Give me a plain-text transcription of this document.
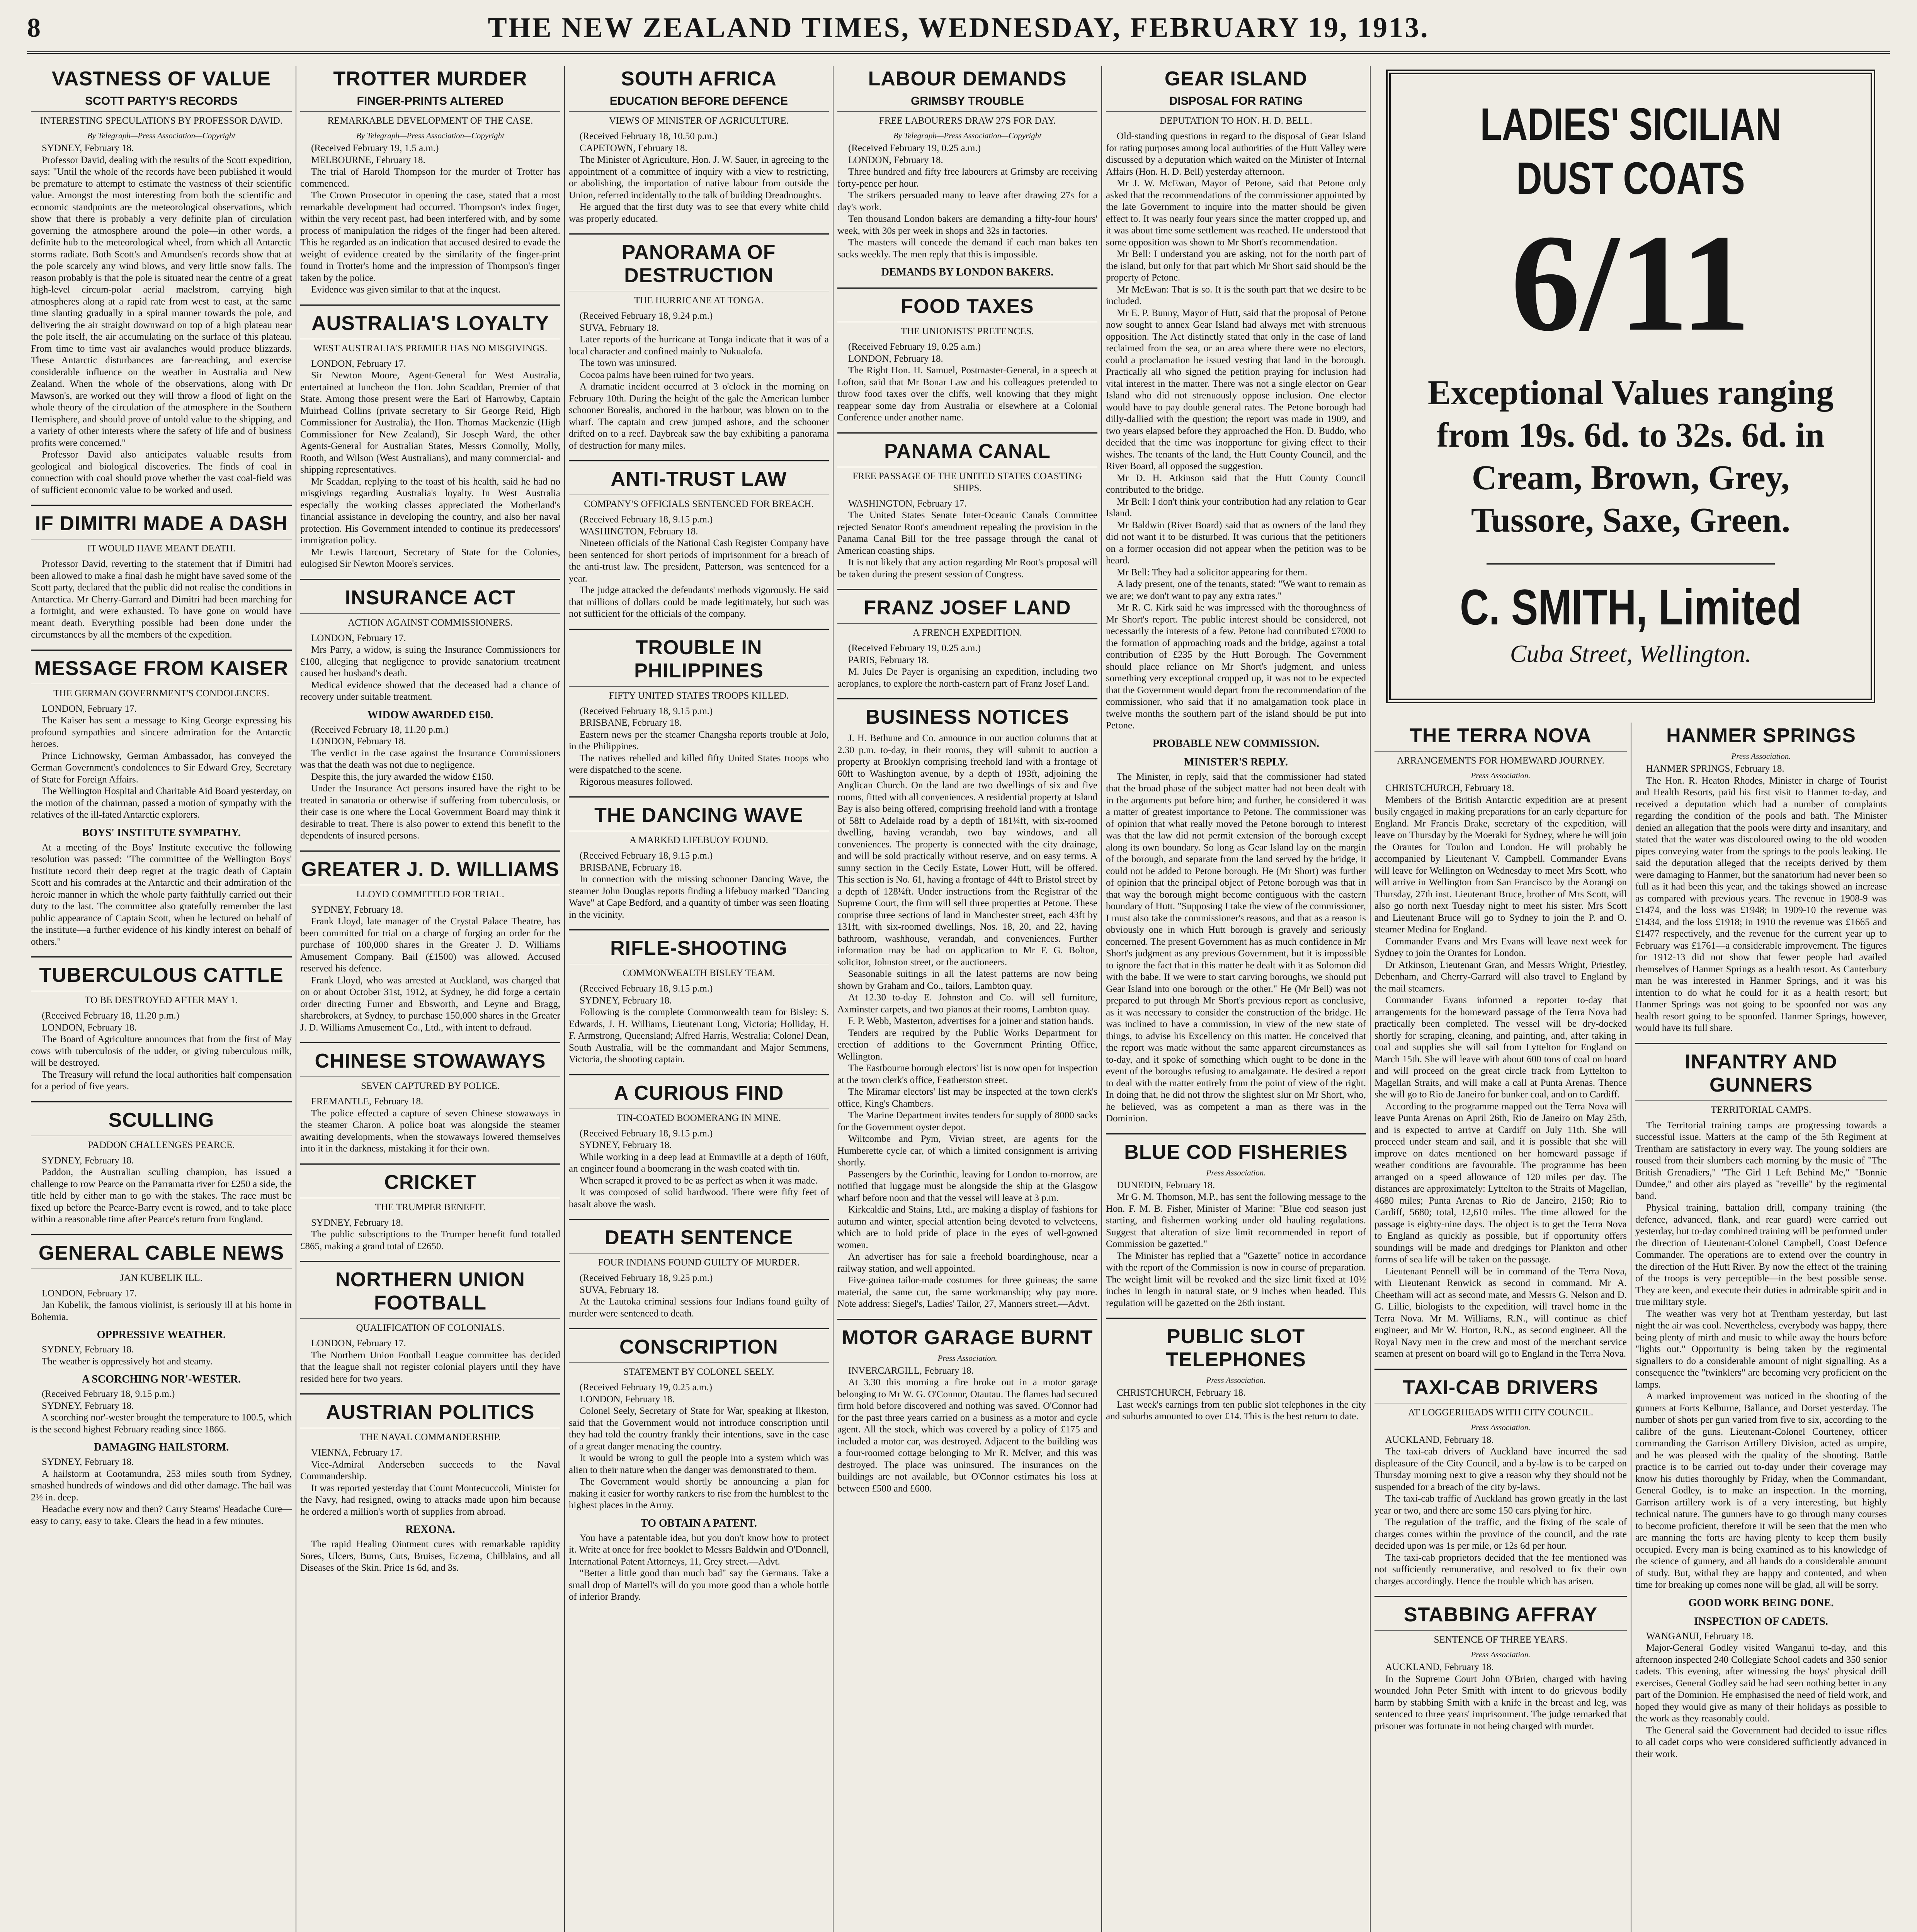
8	THE NEW ZEALAND TIMES, WEDNESDAY, FEBRUARY 19, 1913.
VASTNESS OF VALUE
SCOTT PARTY'S RECORDS
INTERESTING SPECULATIONS BY PROFESSOR DAVID.
By Telegraph—Press Association—Copyright

SYDNEY, February 18.

Professor David, dealing with the results of the Scott expedition, says: "Until the whole of the records have been published it would be premature to attempt to estimate the vastness of their scientific value. Amongst the most interesting from both the scientific and economic standpoints are the meteorological observations, which show that there is probably a very definite plan of circulation governing the atmosphere around the pole—in other words, a definite hub to the meteorological wheel, from which all Antarctic storms radiate. Both Scott's and Amundsen's records show that at the pole scarcely any wind blows, and very little snow falls. The reason probably is that the pole is situated near the centre of a great high-level circum-polar aerial maelstrom, carrying high atmospheres along at a rapid rate from west to east, at the same time slanting gradually in a spiral manner towards the pole, and delivering the air straight downward on top of a high plateau near the pole itself, the air accumulating on the surface of this plateau. From time to time vast air avalanches would produce blizzards. These Antarctic disturbances are far-reaching, and exercise considerable influence on the weather in Australia and New Zealand. When the whole of the observations, along with Dr Mawson's, are worked out they will throw a flood of light on the whole theory of the circulation of the atmosphere in the Southern Hemisphere, and should prove of untold value to the shipping, and a variety of other interests where the safety of life and of business profits were concerned."

Professor David also anticipates valuable results from geological and biological discoveries. The finds of coal in connection with coal should prove whether the vast coal-field was of sufficient economic value to be worked and used.

IF DIMITRI MADE A DASH
IT WOULD HAVE MEANT DEATH.

Professor David, reverting to the statement that if Dimitri had been allowed to make a final dash he might have saved some of the Scott party, declared that the public did not realise the conditions in Antarctica. Mr Cherry-Garrard and Dimitri had been marching for a fortnight, and were exhausted. To have gone on would have meant death. Everything possible had been done under the circumstances by all the members of the expedition.

MESSAGE FROM KAISER
THE GERMAN GOVERNMENT'S CONDOLENCES.

LONDON, February 17.

The Kaiser has sent a message to King George expressing his profound sympathies and sincere admiration for the Antarctic heroes.

Prince Lichnowsky, German Ambassador, has conveyed the German Government's condolences to Sir Edward Grey, Secretary of State for Foreign Affairs.

The Wellington Hospital and Charitable Aid Board yesterday, on the motion of the chairman, passed a motion of sympathy with the relatives of the ill-fated Antarctic explorers.

BOYS' INSTITUTE SYMPATHY.

At a meeting of the Boys' Institute executive the following resolution was passed: "The committee of the Wellington Boys' Institute record their deep regret at the tragic death of Captain Scott and his comrades at the Antarctic and their admiration of the heroic manner in which the whole party faithfully carried out their duty to the last. The committee also gratefully remember the last public appearance of Captain Scott, when he lectured on behalf of the institute—a further evidence of his kindly interest on behalf of others."

TUBERCULOUS CATTLE
TO BE DESTROYED AFTER MAY 1.

(Received February 18, 11.20 p.m.)

LONDON, February 18.

The Board of Agriculture announces that from the first of May cows with tuberculosis of the udder, or giving tuberculous milk, will be destroyed.

The Treasury will refund the local authorities half compensation for a period of five years.

SCULLING
PADDON CHALLENGES PEARCE.

SYDNEY, February 18.

Paddon, the Australian sculling champion, has issued a challenge to row Pearce on the Parramatta river for £250 a side, the title held by either man to go with the stakes. The race must be fixed up before the Pearce-Barry event is rowed, and to take place within a reasonable time after Pearce's return from England.

GENERAL CABLE NEWS
JAN KUBELIK ILL.

LONDON, February 17.

Jan Kubelik, the famous violinist, is seriously ill at his home in Bohemia.

OPPRESSIVE WEATHER.

SYDNEY, February 18.

The weather is oppressively hot and steamy.

A SCORCHING NOR'-WESTER.

(Received February 18, 9.15 p.m.)

SYDNEY, February 18.

A scorching nor'-wester brought the temperature to 100.5, which is the second highest February reading since 1866.

DAMAGING HAILSTORM.

SYDNEY, February 18.

A hailstorm at Cootamundra, 253 miles south from Sydney, smashed hundreds of windows and did other damage. The hail was 2½ in. deep.

Headache every now and then? Carry Stearns' Headache Cure—easy to carry, easy to take. Clears the head in a few minutes.

TROTTER MURDER
FINGER-PRINTS ALTERED
REMARKABLE DEVELOPMENT OF THE CASE.
By Telegraph—Press Association—Copyright

(Received February 19, 1.5 a.m.)

MELBOURNE, February 18.

The trial of Harold Thompson for the murder of Trotter has commenced.

The Crown Prosecutor in opening the case, stated that a most remarkable development had occurred. Thompson's index finger, within the very recent past, had been interfered with, and by some process of manipulation the ridges of the finger had been altered. This he regarded as an indication that accused desired to evade the weight of evidence created by the similarity of the finger-print found in Trotter's home and the impression of Thompson's finger taken by the police.

Evidence was given similar to that at the inquest.

AUSTRALIA'S LOYALTY
WEST AUSTRALIA'S PREMIER HAS NO MISGIVINGS.

LONDON, February 17.

Sir Newton Moore, Agent-General for West Australia, entertained at luncheon the Hon. John Scaddan, Premier of that State. Among those present were the Earl of Harrowby, Captain Muirhead Collins (private secretary to Sir George Reid, High Commissioner for Australia), the Hon. Thomas Mackenzie (High Commissioner for New Zealand), Sir Joseph Ward, the other Agents-General for Australian States, Messrs Connolly, Molly, Rooth, and Wilson (West Australians), and many commercial- and shipping representatives.

Mr Scaddan, replying to the toast of his health, said he had no misgivings regarding Australia's loyalty. In West Australia especially the working classes appreciated the Motherland's financial assistance in developing the country, and also her naval protection. His Government intended to continue its predecessors' immigration policy.

Mr Lewis Harcourt, Secretary of State for the Colonies, eulogised Sir Newton Moore's services.

INSURANCE ACT
ACTION AGAINST COMMISSIONERS.

LONDON, February 17.

Mrs Parry, a widow, is suing the Insurance Commissioners for £100, alleging that negligence to provide sanatorium treatment caused her husband's death.

Medical evidence showed that the deceased had a chance of recovery under suitable treatment.

WIDOW AWARDED £150.

(Received February 18, 11.20 p.m.)

LONDON, February 18.

The verdict in the case against the Insurance Commissioners was that the death was not due to negligence.

Despite this, the jury awarded the widow £150.

Under the Insurance Act persons insured have the right to be treated in sanatoria or otherwise if suffering from tuberculosis, or their case is one where the Local Government Board may think it desirable to treat. There is also power to extend this benefit to the dependents of insured persons.

GREATER J. D. WILLIAMS
LLOYD COMMITTED FOR TRIAL.

SYDNEY, February 18.

Frank Lloyd, late manager of the Crystal Palace Theatre, has been committed for trial on a charge of forging an order for the purchase of 100,000 shares in the Greater J. D. Williams Amusement Company. Bail (£1500) was allowed. Accused reserved his defence.

Frank Lloyd, who was arrested at Auckland, was charged that on or about October 31st, 1912, at Sydney, he did forge a certain order directing Furner and Ebsworth, and Leyne and Bragg, sharebrokers, at Sydney, to purchase 150,000 shares in the Greater J. D. Williams Amusement Co., Ltd., with intent to defraud.

CHINESE STOWAWAYS
SEVEN CAPTURED BY POLICE.

FREMANTLE, February 18.

The police effected a capture of seven Chinese stowaways in the steamer Charon. A police boat was alongside the steamer awaiting developments, when the stowaways lowered themselves into it in the darkness, mistaking it for their own.

CRICKET
THE TRUMPER BENEFIT.

SYDNEY, February 18.

The public subscriptions to the Trumper benefit fund totalled £865, making a grand total of £2650.

NORTHERN UNION FOOTBALL
QUALIFICATION OF COLONIALS.

LONDON, February 17.

The Northern Union Football League committee has decided that the league shall not register colonial players until they have resided here for two years.

AUSTRIAN POLITICS
THE NAVAL COMMANDERSHIP.

VIENNA, February 17.

Vice-Admiral Anderseben succeeds to the Naval Commandership.

It was reported yesterday that Count Montecuccoli, Minister for the Navy, had resigned, owing to attacks made upon him because he ordered a million's worth of supplies from abroad.

REXONA.

The rapid Healing Ointment cures with remarkable rapidity Sores, Ulcers, Burns, Cuts, Bruises, Eczema, Chilblains, and all Diseases of the Skin. Price 1s 6d, and 3s.

SOUTH AFRICA
EDUCATION BEFORE DEFENCE
VIEWS OF MINISTER OF AGRICULTURE.

(Received February 18, 10.50 p.m.)

CAPETOWN, February 18.

The Minister of Agriculture, Hon. J. W. Sauer, in agreeing to the appointment of a committee of inquiry with a view to restricting, or abolishing, the importation of native labour from outside the Union, referred incidentally to the talk of building Dreadnoughts.

He argued that the first duty was to see that every white child was properly educated.

PANORAMA OF DESTRUCTION
THE HURRICANE AT TONGA.

(Received February 18, 9.24 p.m.)

SUVA, February 18.

Later reports of the hurricane at Tonga indicate that it was of a local character and confined mainly to Nukualofa.

The town was uninsured.

Cocoa palms have been ruined for two years.

A dramatic incident occurred at 3 o'clock in the morning on February 10th. During the height of the gale the American lumber schooner Borealis, anchored in the harbour, was blown on to the wharf. The captain and crew jumped ashore, and the schooner drifted on to a reef. Daybreak saw the bay exhibiting a panorama of destruction for many miles.

ANTI-TRUST LAW
COMPANY'S OFFICIALS SENTENCED FOR BREACH.

(Received February 18, 9.15 p.m.)

WASHINGTON, February 18.

Nineteen officials of the National Cash Register Company have been sentenced for short periods of imprisonment for a breach of the anti-trust law. The president, Patterson, was sentenced for a year.

The judge attacked the defendants' methods vigorously. He said that millions of dollars could be made legitimately, but such was not sufficient for the officials of the company.

TROUBLE IN PHILIPPINES
FIFTY UNITED STATES TROOPS KILLED.

(Received February 18, 9.15 p.m.)

BRISBANE, February 18.

Eastern news per the steamer Changsha reports trouble at Jolo, in the Philippines.

The natives rebelled and killed fifty United States troops who were dispatched to the scene.

Rigorous measures followed.

THE DANCING WAVE
A MARKED LIFEBUOY FOUND.

(Received February 18, 9.15 p.m.)

BRISBANE, February 18.

In connection with the missing schooner Dancing Wave, the steamer John Douglas reports finding a lifebuoy marked "Dancing Wave" at Cape Bedford, and a quantity of timber was seen floating in the vicinity.

RIFLE-SHOOTING
COMMONWEALTH BISLEY TEAM.

(Received February 18, 9.15 p.m.)

SYDNEY, February 18.

Following is the complete Commonwealth team for Bisley: S. Edwards, J. H. Williams, Lieutenant Long, Victoria; Holliday, H. F. Armstrong, Queensland; Alfred Harris, Westralia; Colonel Dean, South Australia, will be the commandant and Major Semmens, Victoria, the shooting captain.

A CURIOUS FIND
TIN-COATED BOOMERANG IN MINE.

(Received February 18, 9.15 p.m.)

SYDNEY, February 18.

While working in a deep lead at Emmaville at a depth of 160ft, an engineer found a boomerang in the wash coated with tin.

When scraped it proved to be as perfect as when it was made.

It was composed of solid hardwood. There were fifty feet of basalt above the wash.

DEATH SENTENCE
FOUR INDIANS FOUND GUILTY OF MURDER.

(Received February 18, 9.25 p.m.)

SUVA, February 18.

At the Lautoka criminal sessions four Indians found guilty of murder were sentenced to death.

CONSCRIPTION
STATEMENT BY COLONEL SEELY.

(Received February 19, 0.25 a.m.)

LONDON, February 18.

Colonel Seely, Secretary of State for War, speaking at Ilkeston, said that the Government would not introduce conscription until they had told the country frankly their intentions, save in the case of a great danger menacing the country.

It would be wrong to gull the people into a system which was alien to their nature when the danger was demonstrated to them.

The Government would shortly be announcing a plan for making it easier for worthy rankers to rise from the humblest to the highest places in the Army.

TO OBTAIN A PATENT.

You have a patentable idea, but you don't know how to protect it. Write at once for free booklet to Messrs Baldwin and O'Donnell, International Patent Attorneys, 11, Grey street.—Advt.

"Better a little good than much bad" say the Germans. Take a small drop of Martell's will do you more good than a whole bottle of inferior Brandy.

LABOUR DEMANDS
GRIMSBY TROUBLE
FREE LABOURERS DRAW 27S FOR DAY.
By Telegraph—Press Association—Copyright

(Received February 19, 0.25 a.m.)

LONDON, February 18.

Three hundred and fifty free labourers at Grimsby are receiving forty-pence per hour.

The strikers persuaded many to leave after drawing 27s for a day's work.

Ten thousand London bakers are demanding a fifty-four hours' week, with 30s per week in shops and 32s in factories.

The masters will concede the demand if each man bakes ten sacks weekly. The men reply that this is impossible.

DEMANDS BY LONDON BAKERS.
FOOD TAXES
THE UNIONISTS' PRETENCES.

(Received February 19, 0.25 a.m.)

LONDON, February 18.

The Right Hon. H. Samuel, Postmaster-General, in a speech at Lofton, said that Mr Bonar Law and his colleagues pretended to throw food taxes over the cliffs, well knowing that they might reappear some day from Australia or elsewhere at a Colonial Conference under another name.

PANAMA CANAL
FREE PASSAGE OF THE UNITED STATES COASTING SHIPS.

WASHINGTON, February 17.

The United States Senate Inter-Oceanic Canals Committee rejected Senator Root's amendment repealing the provision in the Panama Canal Bill for the free passage through the canal of American coasting ships.

It is not likely that any action regarding Mr Root's proposal will be taken during the present session of Congress.

FRANZ JOSEF LAND
A FRENCH EXPEDITION.

(Received February 19, 0.25 a.m.)

PARIS, February 18.

M. Jules De Payer is organising an expedition, including two aeroplanes, to explore the north-eastern part of Franz Josef Land.

BUSINESS NOTICES

J. H. Bethune and Co. announce in our auction columns that at 2.30 p.m. to-day, in their rooms, they will submit to auction a property at Brooklyn comprising freehold land with a frontage of 60ft to Washington avenue, by a depth of 193ft, adjoining the Anglican Church. On the land are two dwellings of six and five rooms, fitted with all conveniences. A residential property at Island Bay is also being offered, comprising freehold land with a frontage of 58ft to Adelaide road by a depth of 181¼ft, with six-roomed dwelling, having verandah, two bay windows, and all conveniences. The property is connected with the city drainage, and will be sold practically without reserve, and on easy terms. A sunny section in the Cecily Estate, Lower Hutt, will be offered. This section is No. 61, having a frontage of 44ft to Bristol street by a depth of 128¼ft. Under instructions from the Registrar of the Supreme Court, the firm will sell three properties at Petone. These comprise three sections of land in Manchester street, each 43ft by 131ft, with six-roomed dwellings, Nos. 18, 20, and 22, having bathroom, washhouse, verandah, and conveniences. Further information may be had on application to Mr F. G. Bolton, solicitor, Johnston street, or the auctioneers.

Seasonable suitings in all the latest patterns are now being shown by Graham and Co., tailors, Lambton quay.

At 12.30 to-day E. Johnston and Co. will sell furniture, Axminster carpets, and two pianos at their rooms, Lambton quay.

F. P. Webb, Masterton, advertises for a joiner and station hands.

Tenders are required by the Public Works Department for erection of additions to the Government Printing Office, Wellington.

The Eastbourne borough electors' list is now open for inspection at the town clerk's office, Featherston street.

The Miramar electors' list may be inspected at the town clerk's office, King's Chambers.

The Marine Department invites tenders for supply of 8000 sacks for the Government oyster depot.

Wiltcombe and Pym, Vivian street, are agents for the Humberette cycle car, of which a limited consignment is arriving shortly.

Passengers by the Corinthic, leaving for London to-morrow, are notified that luggage must be alongside the ship at the Glasgow wharf before noon and that the vessel will leave at 3 p.m.

Kirkcaldie and Stains, Ltd., are making a display of fashions for autumn and winter, special attention being devoted to velveteens, which are to hold pride of place in the eyes of well-gowned women.

An advertiser has for sale a freehold boardinghouse, near a railway station, and well appointed.

Five-guinea tailor-made costumes for three guineas; the same material, the same cut, the same workmanship; why pay more. Note address: Siegel's, Ladies' Tailor, 27, Manners street.—Advt.

MOTOR GARAGE BURNT
Press Association.

INVERCARGILL, February 18.

At 3.30 this morning a fire broke out in a motor garage belonging to Mr W. G. O'Connor, Otautau. The flames had secured firm hold before discovered and nothing was saved. O'Connor had for the past three years carried on a business as a motor and cycle agent. All the stock, which was covered by a policy of £175 and included a motor car, was destroyed. Adjacent to the building was a four-roomed cottage belonging to Mr R. McIver, and this was destroyed. The place was uninsured. The insurances on the buildings are not available, but O'Connor estimates his loss at between £500 and £600.

GEAR ISLAND
DISPOSAL FOR RATING
DEPUTATION TO HON. H. D. BELL.

Old-standing questions in regard to the disposal of Gear Island for rating purposes among local authorities of the Hutt Valley were discussed by a deputation which waited on the Minister of Internal Affairs (Hon. H. D. Bell) yesterday afternoon.

Mr J. W. McEwan, Mayor of Petone, said that Petone only asked that the recommendations of the commissioner appointed by the late Government to inquire into the matter should be given effect to. It was nearly four years since the matter cropped up, and it was about time some settlement was reached. He understood that some opposition was shown to Mr Short's recommendation.

Mr Bell: I understand you are asking, not for the north part of the island, but only for that part which Mr Short said should be the property of Petone.

Mr McEwan: That is so. It is the south part that we desire to be included.

Mr E. P. Bunny, Mayor of Hutt, said that the proposal of Petone now sought to annex Gear Island had always met with strenuous opposition. The Act distinctly stated that only in the case of land reclaimed from the sea, or an area where there were no electors, could a proclamation be issued vesting that land in the borough. Practically all who signed the petition praying for inclusion had vital interest in the matter. There was not a single elector on Gear Island who did not strenuously oppose inclusion. One elector would have to pay double general rates. The Petone borough had dilly-dallied with the question; the report was made in 1909, and two years elapsed before they approached the Hon. D. Buddo, who decided that the time was inopportune for giving effect to their wishes. The tenants of the land, the Hutt County Council, and the River Board, all opposed the suggestion.

Mr D. H. Atkinson said that the Hutt County Council contributed to the bridge.

Mr Bell: I don't think your contribution had any relation to Gear Island.

Mr Baldwin (River Board) said that as owners of the land they did not want it to be disturbed. It was curious that the petitioners on a former occasion did not appear when the petition was to be heard.

Mr Bell: They had a solicitor appearing for them.

A lady present, one of the tenants, stated: "We want to remain as we are; we don't want to pay any extra rates."

Mr R. C. Kirk said he was impressed with the thoroughness of Mr Short's report. The public interest should be considered, not necessarily the interests of a few. Petone had contributed £7000 to the formation of approaching roads and the bridge, against a total contribution of £235 by the Hutt Borough. The Government should place reliance on Mr Short's judgment, and unless something very exceptional cropped up, it was not to be expected that the Government would depart from the recommendation of the commissioner, who said that if no amalgamation took place in twelve months the southern part of the island should be put into Petone.

PROBABLE NEW COMMISSION.
MINISTER'S REPLY.

The Minister, in reply, said that the commissioner had stated that the broad phase of the subject matter had not been dealt with in the arguments put before him; and further, he considered it was a matter of greatest importance to Petone. The commissioner was of opinion that what really moved the Petone borough to interest was that the law did not permit extension of the borough except along its own boundary. So long as Gear Island lay on the margin of the borough, and separate from the land served by the bridge, it could not be added to Petone borough. He (Mr Short) was further of opinion that the principal object of Petone borough was that in that way the borough might become contiguous with the eastern boundary of Hutt. "Supposing I take the view of the commissioner, I must also take the commissioner's reasons, and that as a reason is obviously one in which Hutt borough is gravely and seriously concerned. The present Government has as much confidence in Mr Short's judgment as any previous Government, but it is impossible to ignore the fact that in this matter he dealt with it as Solomon did with the babe. If we were to start carving boroughs, we should put Gear Island into one borough or the other." He (Mr Bell) was not prepared to put through Mr Short's previous report as conclusive, as it was necessary to consider the construction of the bridge. He was inclined to have a commission, in view of the new state of things, to advise his Excellency on this matter. He conceived that the report was made without the same apparent circumstances as to-day, and it spoke of something which ought to be done in the event of the boroughs refusing to amalgamate. He desired a report to deal with the matter entirely from the point of view of the right. In doing that, he did not throw the slightest slur on Mr Short, who, he believed, was as competent a man as there was in the Dominion.

BLUE COD FISHERIES
Press Association.

DUNEDIN, February 18.

Mr G. M. Thomson, M.P., has sent the following message to the Hon. F. M. B. Fisher, Minister of Marine: "Blue cod season just starting, and fishermen working under old hauling regulations. Suggest that alteration of size limit recommended in report of Commission be gazetted."

The Minister has replied that a "Gazette" notice in accordance with the report of the Commission is now in course of preparation. The weight limit will be revoked and the size limit fixed at 10½ inches in length in natural state, or 9 inches when headed. This regulation will be gazetted on the 26th instant.

PUBLIC SLOT TELEPHONES
Press Association.

CHRISTCHURCH, February 18.

Last week's earnings from ten public slot telephones in the city and suburbs amounted to over £14. This is the best return to date.

LADIES' SICILIAN
DUST COATS
6/11
Exceptional Values ranging from 19s. 6d. to 32s. 6d. in Cream, Brown, Grey, Tussore, Saxe, Green.
C. SMITH, Limited
Cuba Street, Wellington.
THE TERRA NOVA
ARRANGEMENTS FOR HOMEWARD JOURNEY.
Press Association.

CHRISTCHURCH, February 18.

Members of the British Antarctic expedition are at present busily engaged in making preparations for an early departure for England. Mr Francis Drake, secretary of the expedition, will leave on Thursday by the Moeraki for Sydney, where he will join the Orantes for Toulon and London. He will probably be accompanied by Lieutenant V. Campbell. Commander Evans will leave for Wellington on Wednesday to meet Mrs Scott, who will arrive in Wellington from San Francisco by the Aorangi on Thursday, 27th inst. Lieutenant Bruce, brother of Mrs Scott, will also go north next Tuesday night to meet his sister. Mrs Scott and Lieutenant Bruce will go to Sydney to join the P. and O. steamer Medina for England.

Commander Evans and Mrs Evans will leave next week for Sydney to join the Orantes for London.

Dr Atkinson, Lieutenant Gran, and Messrs Wright, Priestley, Debenham, and Cherry-Garrard will also travel to England by the mail steamers.

Commander Evans informed a reporter to-day that arrangements for the homeward passage of the Terra Nova had practically been completed. The vessel will be dry-docked shortly for scraping, cleaning, and painting, and, after taking in coal and supplies she will sail from Lyttelton for England on March 15th. She will leave with about 600 tons of coal on board and will proceed on the great circle track from Lyttelton to Magellan Straits, and will make a call at Punta Arenas. Thence she will go to Rio de Janeiro for bunker coal, and on to Cardiff.

According to the programme mapped out the Terra Nova will leave Punta Arenas on April 26th, Rio de Janeiro on May 25th, and is expected to arrive at Cardiff on July 11th. She will proceed under steam and sail, and it is possible that she will improve on dates mentioned on her homeward passage if weather conditions are favourable. The programme has been arranged on a speed allowance of 120 miles per day. The distances are approximately: Lyttelton to the Straits of Magellan, 4680 miles; Punta Arenas to Rio de Janeiro, 2150; Rio to Cardiff, 5680; total, 12,610 miles. The time allowed for the passage is eighty-nine days. The object is to get the Terra Nova to England as quickly as possible, but if opportunity offers soundings will be made and dredgings for Plankton and other forms of sea life will be taken on the passage.

Lieutenant Pennell will be in command of the Terra Nova, with Lieutenant Renwick as second in command. Mr A. Cheetham will act as second mate, and Messrs G. Nelson and D. G. Lillie, biologists to the expedition, will travel home in the Terra Nova. Mr M. Williams, R.N., will continue as chief engineer, and Mr W. Horton, R.N., as second engineer. All the Royal Navy men in the crew and most of the merchant service seamen at present on board will go to England in the Terra Nova.

TAXI-CAB DRIVERS
AT LOGGERHEADS WITH CITY COUNCIL.
Press Association.

AUCKLAND, February 18.

The taxi-cab drivers of Auckland have incurred the sad displeasure of the City Council, and a by-law is to be carped on Thursday morning next to give a reason why they should not be suspended for a breach of the city by-laws.

The taxi-cab traffic of Auckland has grown greatly in the last year or two, and there are some 150 cars plying for hire.

The regulation of the traffic, and the fixing of the scale of charges comes within the province of the council, and the rate decided upon was 1s per mile, or 12s 6d per hour.

The taxi-cab proprietors decided that the fee mentioned was not sufficiently remunerative, and resolved to fix their own charges accordingly. Hence the trouble which has arisen.

STABBING AFFRAY
SENTENCE OF THREE YEARS.
Press Association.

AUCKLAND, February 18.

In the Supreme Court John O'Brien, charged with having wounded John Peter Smith with intent to do grievous bodily harm by stabbing Smith with a knife in the breast and leg, was sentenced to three years' imprisonment. The judge remarked that prisoner was fortunate in not being charged with murder.

HANMER SPRINGS
Press Association.

HANMER SPRINGS, February 18.

The Hon. R. Heaton Rhodes, Minister in charge of Tourist and Health Resorts, paid his first visit to Hanmer to-day, and received a deputation which had a number of complaints regarding the condition of the pools and bath. The Minister denied an allegation that the pools were dirty and insanitary, and stated that the water was discoloured owing to the old wooden pipes conveying water from the springs to the pools leaking. He said the deputation alleged that the receipts derived by them were damaging to Hanmer, but the sanatorium had never been so full as it had been this year, and the takings showed an increase as compared with previous years. The revenue in 1908-9 was £1474, and the loss was £1948; in 1909-10 the revenue was £1434, and the loss £1918; in 1910 the revenue was £1665 and £1477 respectively, and the revenue for the current year up to February was £1761—a considerable improvement. The figures for 1912-13 did not show that fewer people had availed themselves of Hanmer Springs as a health resort. As Canterbury man he was interested in Hanmer Springs, and it was his intention to do what he could for it as a health resort; but Hanmer Springs was not going to be spoonfed nor was any health resort going to be spoonfed. Hanmer Springs, however, would have its full share.

INFANTRY AND GUNNERS
TERRITORIAL CAMPS.

The Territorial training camps are progressing towards a successful issue. Matters at the camp of the 5th Regiment at Trentham are satisfactory in every way. The young soldiers are roused from their slumbers each morning by the music of "The British Grenadiers," "The Girl I Left Behind Me," "Bonnie Dundee," and other airs played as "reveille" by the regimental band.

Physical training, battalion drill, company training (the defence, advanced, flank, and rear guard) were carried out yesterday, but to-day combined training will be performed under the direction of Lieutenant-Colonel Campbell, Coast Defence Commander. The operations are to extend over the country in the direction of the Hutt River. By now the effect of the training of the troops is very perceptible—in the best possible sense. They are keen, and execute their duties in admirable spirit and in true military style.

The weather was very hot at Trentham yesterday, but last night the air was cool. Nevertheless, everybody was happy, there being plenty of mirth and music to while away the hours before "lights out." Opportunity is being taken by the regimental signallers to do a considerable amount of night signalling. As a consequence the "twinklers" are becoming very proficient on the lamps.

A marked improvement was noticed in the shooting of the gunners at Forts Kelburne, Ballance, and Dorset yesterday. The number of shots per gun varied from five to six, according to the calibre of the guns. Lieutenant-Colonel Courteney, officer commanding the Garrison Artillery Division, acted as umpire, and he was pleased with the quality of the shooting. Battle practice is to be carried out to-day under their coverage may know his duties thoroughly by Friday, when the Commandant, General Godley, is to make an inspection. In the morning, Garrison artillery work is of a very interesting, but highly technical nature. The gunners have to go through many courses to become proficient, therefore it will be seen that the men who are manning the forts are having plenty to keep them busily occupied. Every man is being examined as to his knowledge of the science of gunnery, and all hands do a considerable amount of study. But, withal they are happy and contented, and when time for breaking up comes none will be glad, all will be sorry.

GOOD WORK BEING DONE.
INSPECTION OF CADETS.

WANGANUI, February 18.

Major-General Godley visited Wanganui to-day, and this afternoon inspected 240 Collegiate School cadets and 350 senior cadets. This evening, after witnessing the boys' physical drill exercises, General Godley said he had seen nothing better in any part of the Dominion. He emphasised the need of field work, and hoped they would give as many of their holidays as possible to the work as they reasonably could.

The General said the Government had decided to issue rifles to all cadet corps who were considered sufficiently advanced in their work.
